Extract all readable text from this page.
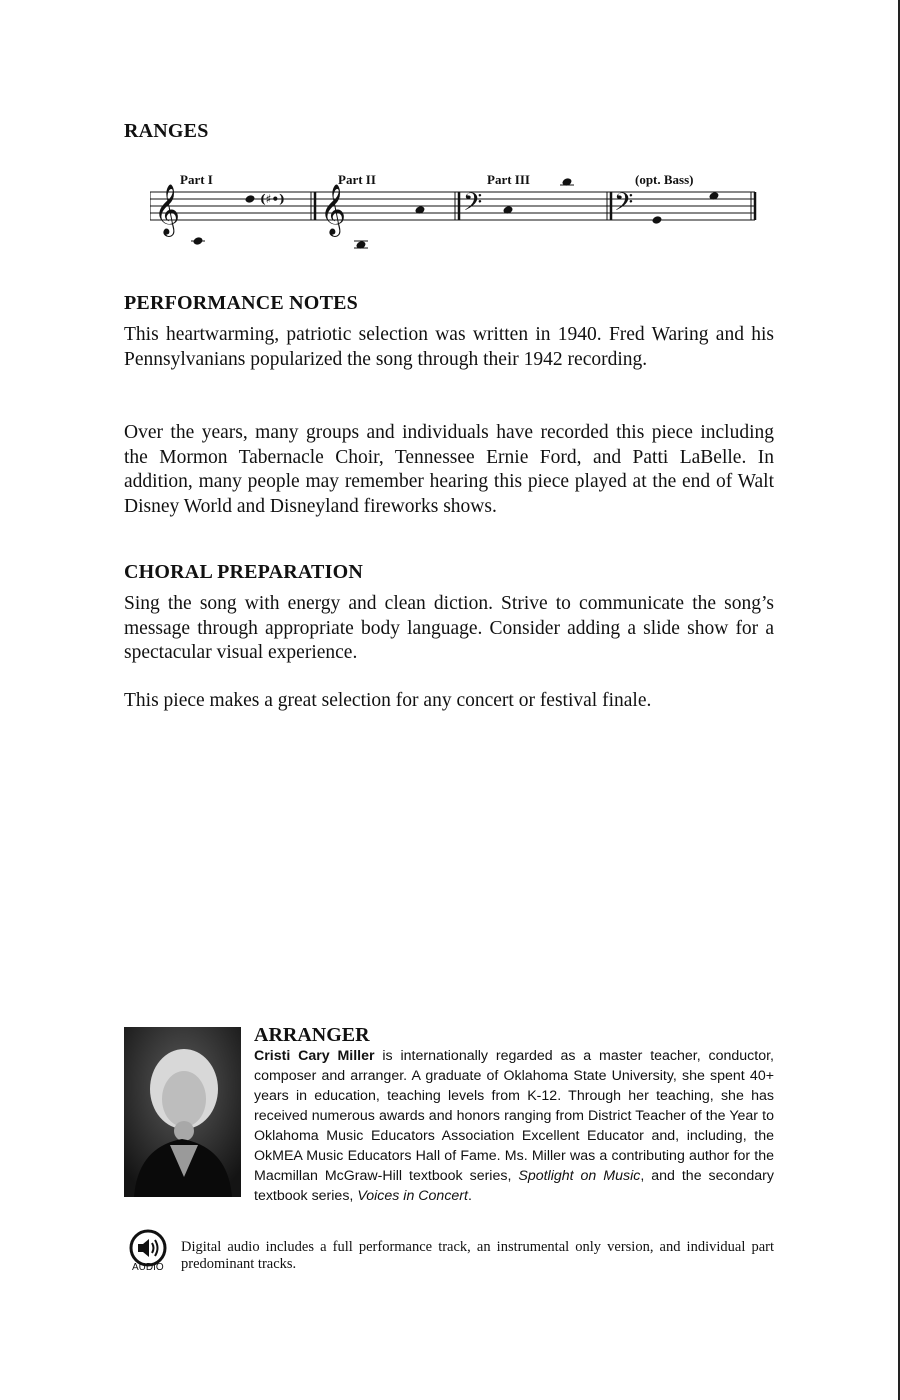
RANGES
Part I	Part II	Part III	(opt. Bass)
(♯•)
𝄞	𝄞	𝄢	𝄢
PERFORMANCE NOTES

This heartwarming, patriotic selection was written in 1940. Fred Waring and his Pennsylvanians popularized the song through their 1942 recording.

Over the years, many groups and individuals have recorded this piece including the Mormon Tabernacle Choir, Tennessee Ernie Ford, and Patti LaBelle. In addition, many people may remember hearing this piece played at the end of Walt Disney World and Disneyland fireworks shows.

CHORAL PREPARATION

Sing the song with energy and clean diction. Strive to communicate the song’s message through appropriate body language. Consider adding a slide show for a spectacular visual experience.

This piece makes a great selection for any concert or festival finale.

ARRANGER

Cristi Cary Miller is internationally regarded as a master teacher, conductor, composer and arranger. A graduate of Oklahoma State University, she spent 40+ years in education, teaching levels from K-12. Through her teaching, she has received numerous awards and honors ranging from District Teacher of the Year to Oklahoma Music Educators Association Excellent Educator and, including, the OkMEA Music Educators Hall of Fame. Ms. Miller was a contributing author for the Macmillan McGraw-Hill textbook series, Spotlight on Music, and the secondary textbook series, Voices in Concert.

AUDIO

Digital audio includes a full performance track, an instrumental only version, and individual part predominant tracks.
